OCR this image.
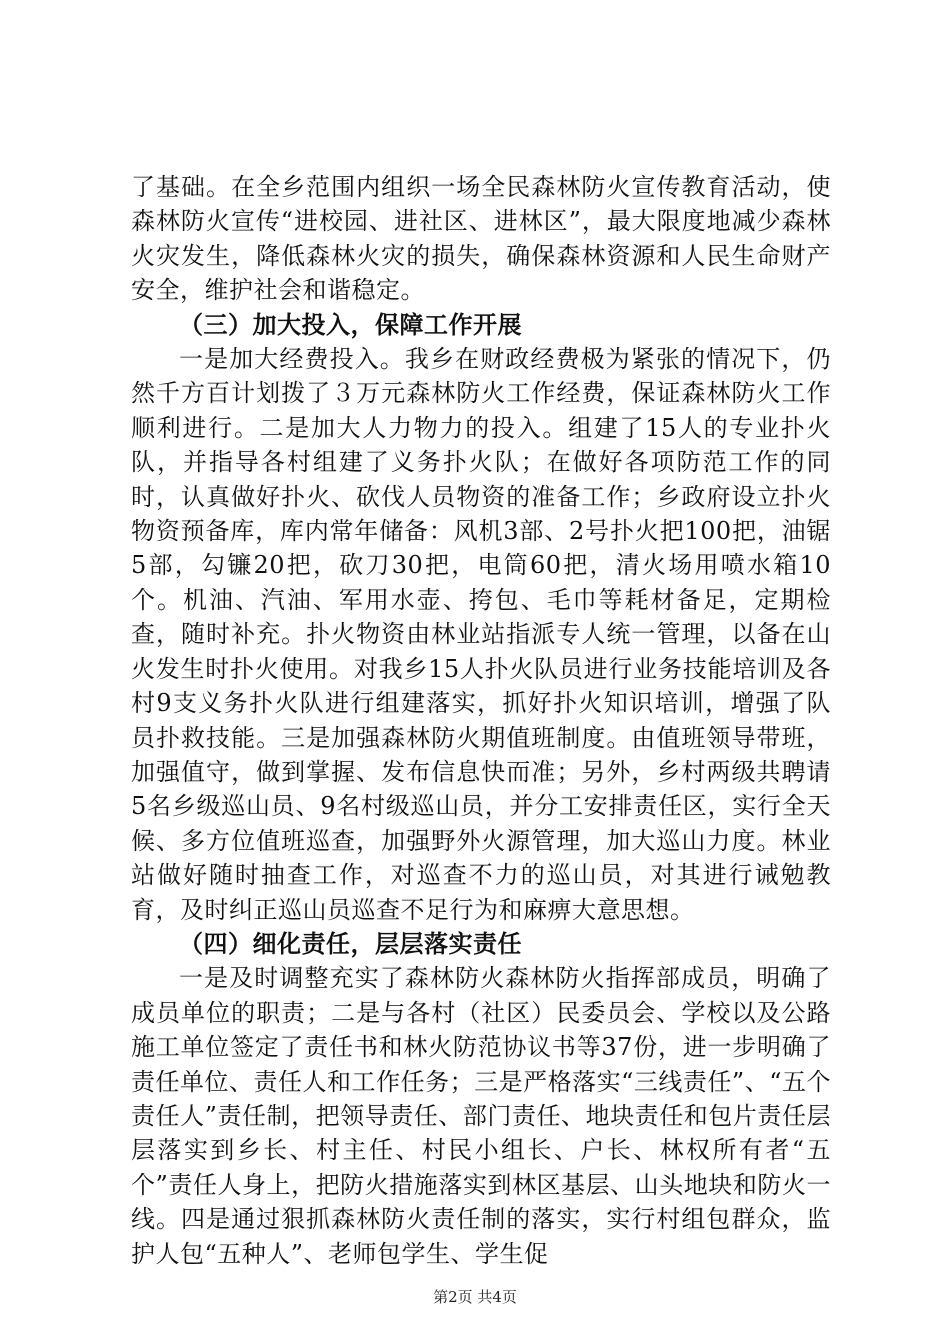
了基础。在全乡范围内组织一场全民森林防火宣传教育活动，使森林防火宣传“进校园、进社区、进林区”，最大限度地减少森林火灾发生，降低森林火灾的损失，确保森林资源和人民生命财产安全，维护社会和谐稳定。

（三）加大投入，保障工作开展

一是加大经费投入。我乡在财政经费极为紧张的情况下，仍然千方百计划拨了３万元森林防火工作经费，保证森林防火工作顺利进行。二是加大人力物力的投入。组建了15人的专业扑火队，并指导各村组建了义务扑火队；在做好各项防范工作的同时，认真做好扑火、砍伐人员物资的准备工作；乡政府设立扑火物资预备库，库内常年储备：风机3部、2号扑火把100把，油锯5部，勾镰20把，砍刀30把，电筒60把，清火场用喷水箱10个。机油、汽油、军用水壶、挎包、毛巾等耗材备足，定期检查，随时补充。扑火物资由林业站指派专人统一管理，以备在山火发生时扑火使用。对我乡15人扑火队员进行业务技能培训及各村9支义务扑火队进行组建落实，抓好扑火知识培训，增强了队员扑救技能。三是加强森林防火期值班制度。由值班领导带班，加强值守，做到掌握、发布信息快而准；另外，乡村两级共聘请5名乡级巡山员、9名村级巡山员，并分工安排责任区，实行全天候、多方位值班巡查，加强野外火源管理，加大巡山力度。林业站做好随时抽查工作，对巡查不力的巡山员，对其进行诫勉教育，及时纠正巡山员巡查不足行为和麻痹大意思想。

（四）细化责任，层层落实责任

一是及时调整充实了森林防火森林防火指挥部成员，明确了成员单位的职责；二是与各村（社区）民委员会、学校以及公路施工单位签定了责任书和林火防范协议书等37份，进一步明确了责任单位、责任人和工作任务；三是严格落实“三线责任”、“五个责任人”责任制，把领导责任、部门责任、地块责任和包片责任层层落实到乡长、村主任、村民小组长、户长、林权所有者“五个”责任人身上，把防火措施落实到林区基层、山头地块和防火一线。四是通过狠抓森林防火责任制的落实，实行村组包群众，监护人包“五种人”、老师包学生、学生促

第2页 共4页
